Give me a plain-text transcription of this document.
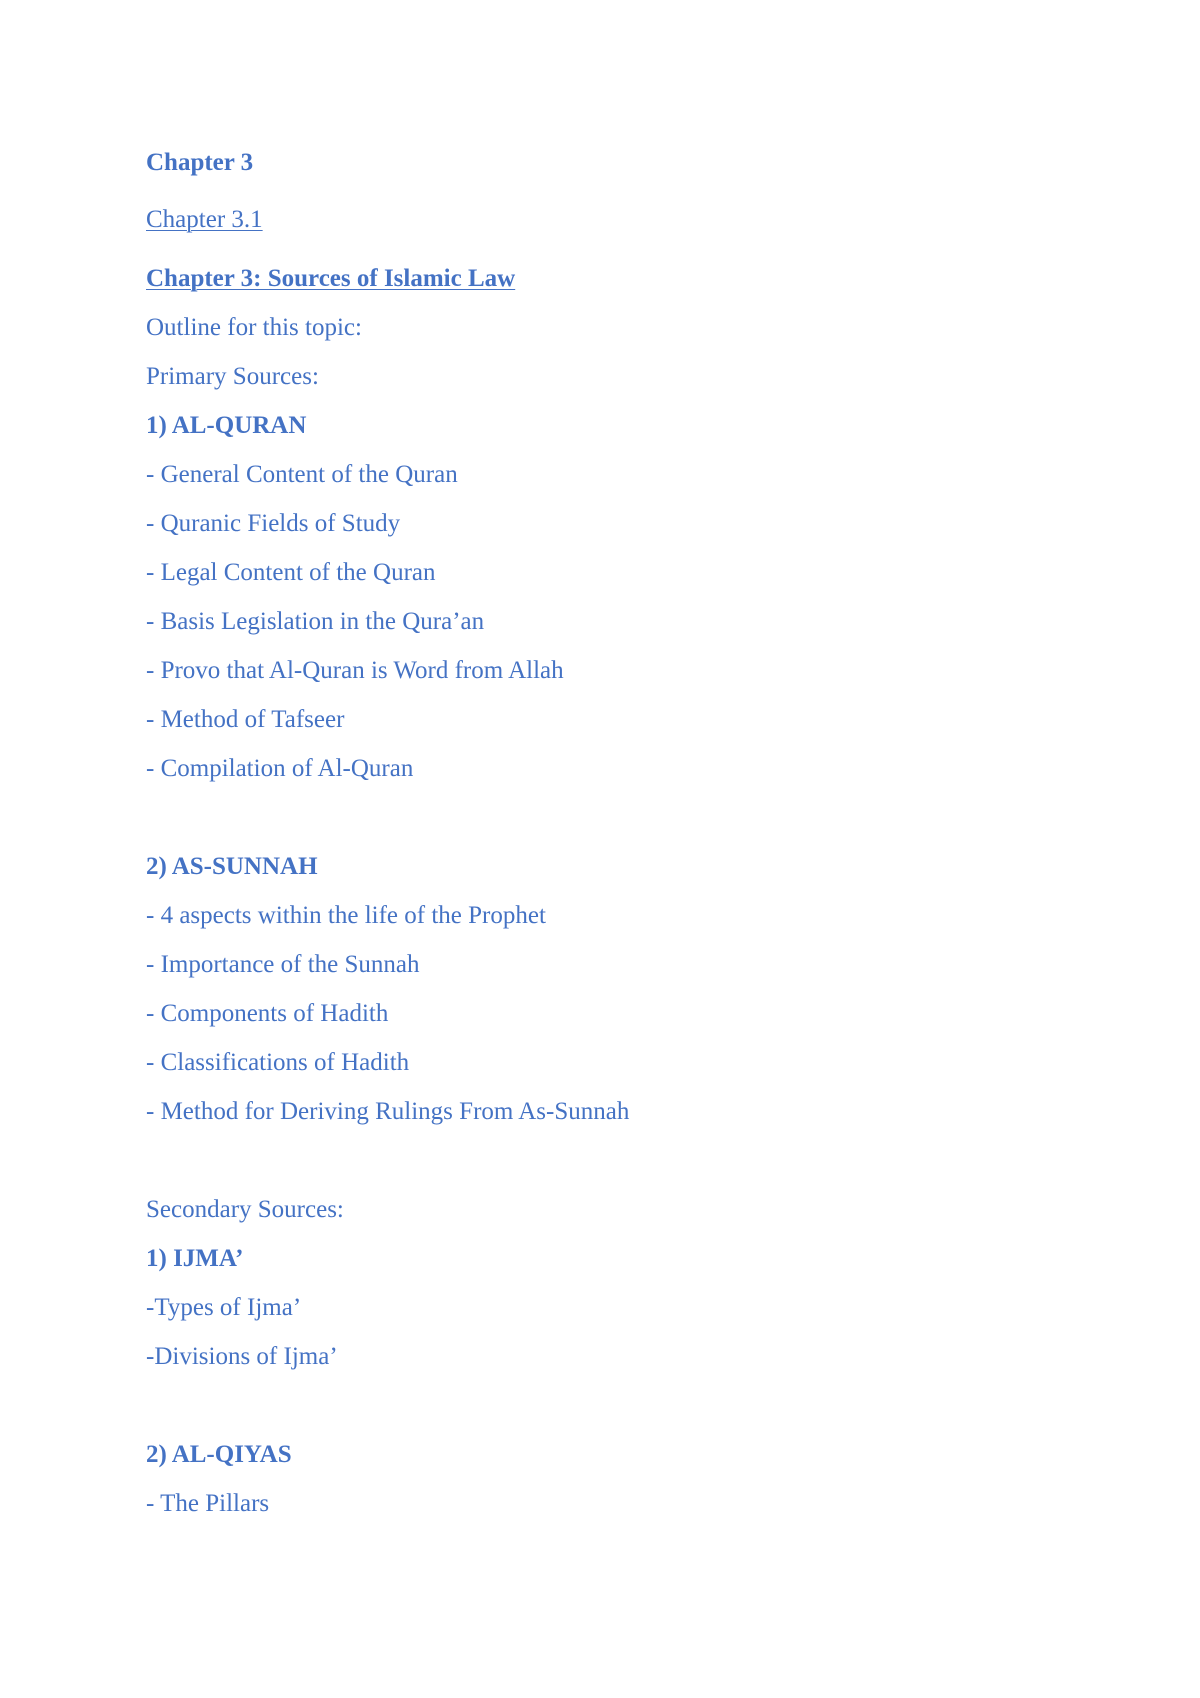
Chapter 3

Chapter 3.1

Chapter 3: Sources of Islamic Law

Outline for this topic:

Primary Sources:

1) AL-QURAN

- General Content of the Quran

- Quranic Fields of Study

- Legal Content of the Quran

- Basis Legislation in the Qura’an

- Provo that Al-Quran is Word from Allah

- Method of Tafseer

- Compilation of Al-Quran

2) AS-SUNNAH

- 4 aspects within the life of the Prophet

- Importance of the Sunnah

- Components of Hadith

- Classifications of Hadith

- Method for Deriving Rulings From As-Sunnah

Secondary Sources:

1) IJMA’

-Types of Ijma’

-Divisions of Ijma’

2) AL-QIYAS

- The Pillars
